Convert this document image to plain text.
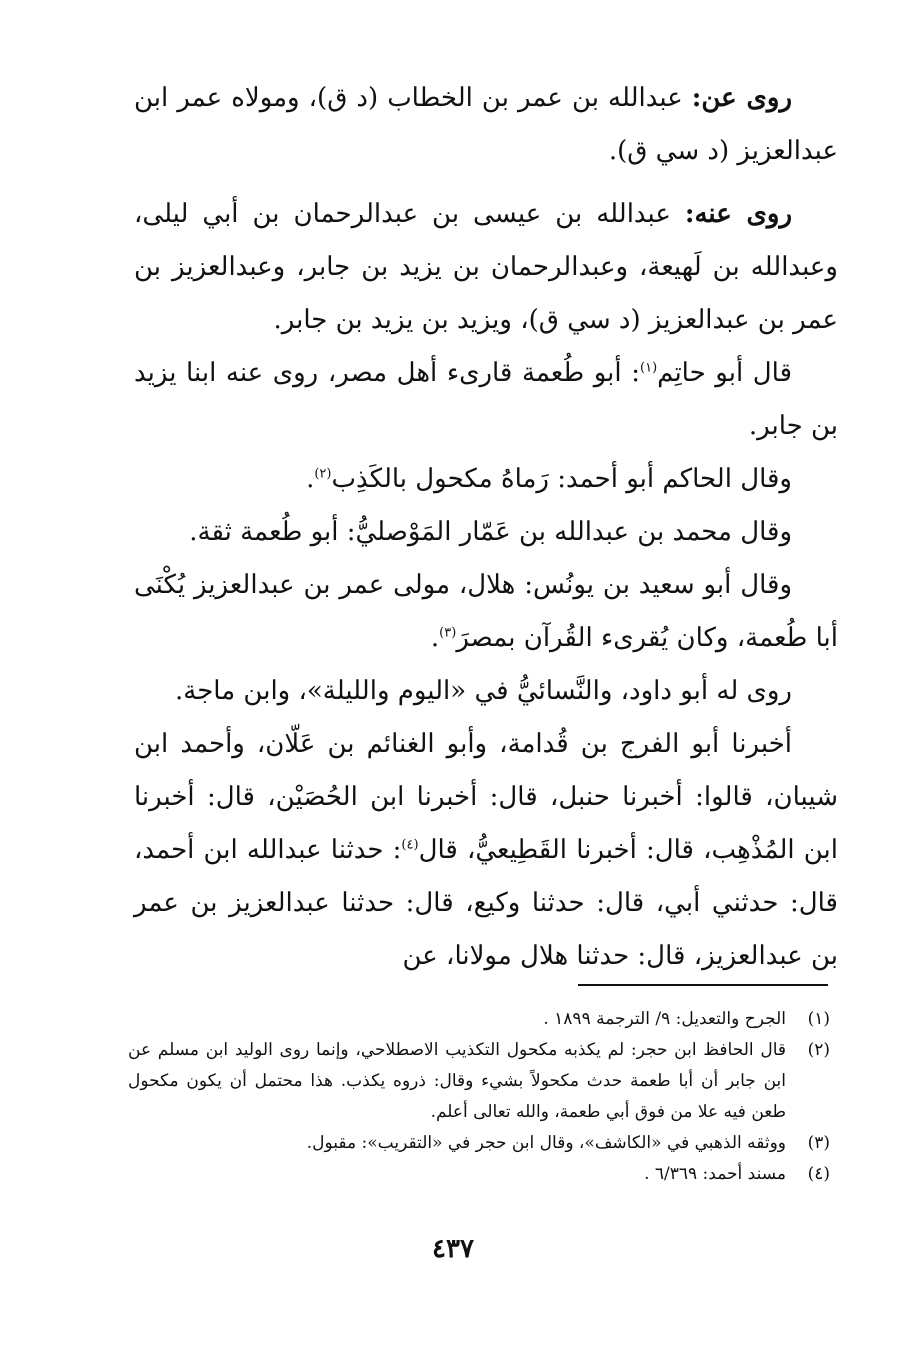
روى عن: عبدالله بن عمر بن الخطاب (د ق)، ومولاه عمر ابن عبدالعزيز (د سي ق).

روى عنه: عبدالله بن عيسى بن عبدالرحمان بن أبي ليلى، وعبدالله بن لَهيعة، وعبدالرحمان بن يزيد بن جابر، وعبدالعزيز بن عمر بن عبدالعزيز (د سي ق)، ويزيد بن يزيد بن جابر.

قال أبو حاتِم$^{(١)}$: أبو طُعمة قارىء أهل مصر، روى عنه ابنا يزيد بن جابر.

وقال الحاكم أبو أحمد: رَماهُ مكحول بالكَذِب$^{(٢)}$.

وقال محمد بن عبدالله بن عَمّار المَوْصليُّ: أبو طُعمة ثقة.

وقال أبو سعيد بن يونُس: هلال، مولى عمر بن عبدالعزيز يُكْنَى أبا طُعمة، وكان يُقرىء القُرآن بمصرَ$^{(٣)}$.

روى له أبو داود، والنَّسائيُّ في «اليوم والليلة»، وابن ماجة.

أخبرنا أبو الفرج بن قُدامة، وأبو الغنائم بن عَلّان، وأحمد ابن شيبان، قالوا: أخبرنا حنبل، قال: أخبرنا ابن الحُصَيْن، قال: أخبرنا ابن المُذْهِب، قال: أخبرنا القَطِيعيُّ، قال$^{(٤)}$: حدثنا عبدالله ابن أحمد، قال: حدثني أبي، قال: حدثنا وكيع، قال: حدثنا عبدالعزيز بن عمر بن عبدالعزيز، قال: حدثنا هلال مولانا، عن

(١)
الجرح والتعديل: ٩/ الترجمة ١٨٩٩ .
(٢)
قال الحافظ ابن حجر: لم يكذبه مكحول التكذيب الاصطلاحي، وإنما روى الوليد ابن مسلم عن ابن جابر أن أبا طعمة حدث مكحولاً بشيء وقال: ذروه يكذب. هذا محتمل أن يكون مكحول طعن فيه علا من فوق أبي طعمة، والله تعالى أعلم.
(٣)
ووثقه الذهبي في «الكاشف»، وقال ابن حجر في «التقريب»: مقبول.
(٤)
مسند أحمد: ٦/٣٦٩ .
٤٣٧
